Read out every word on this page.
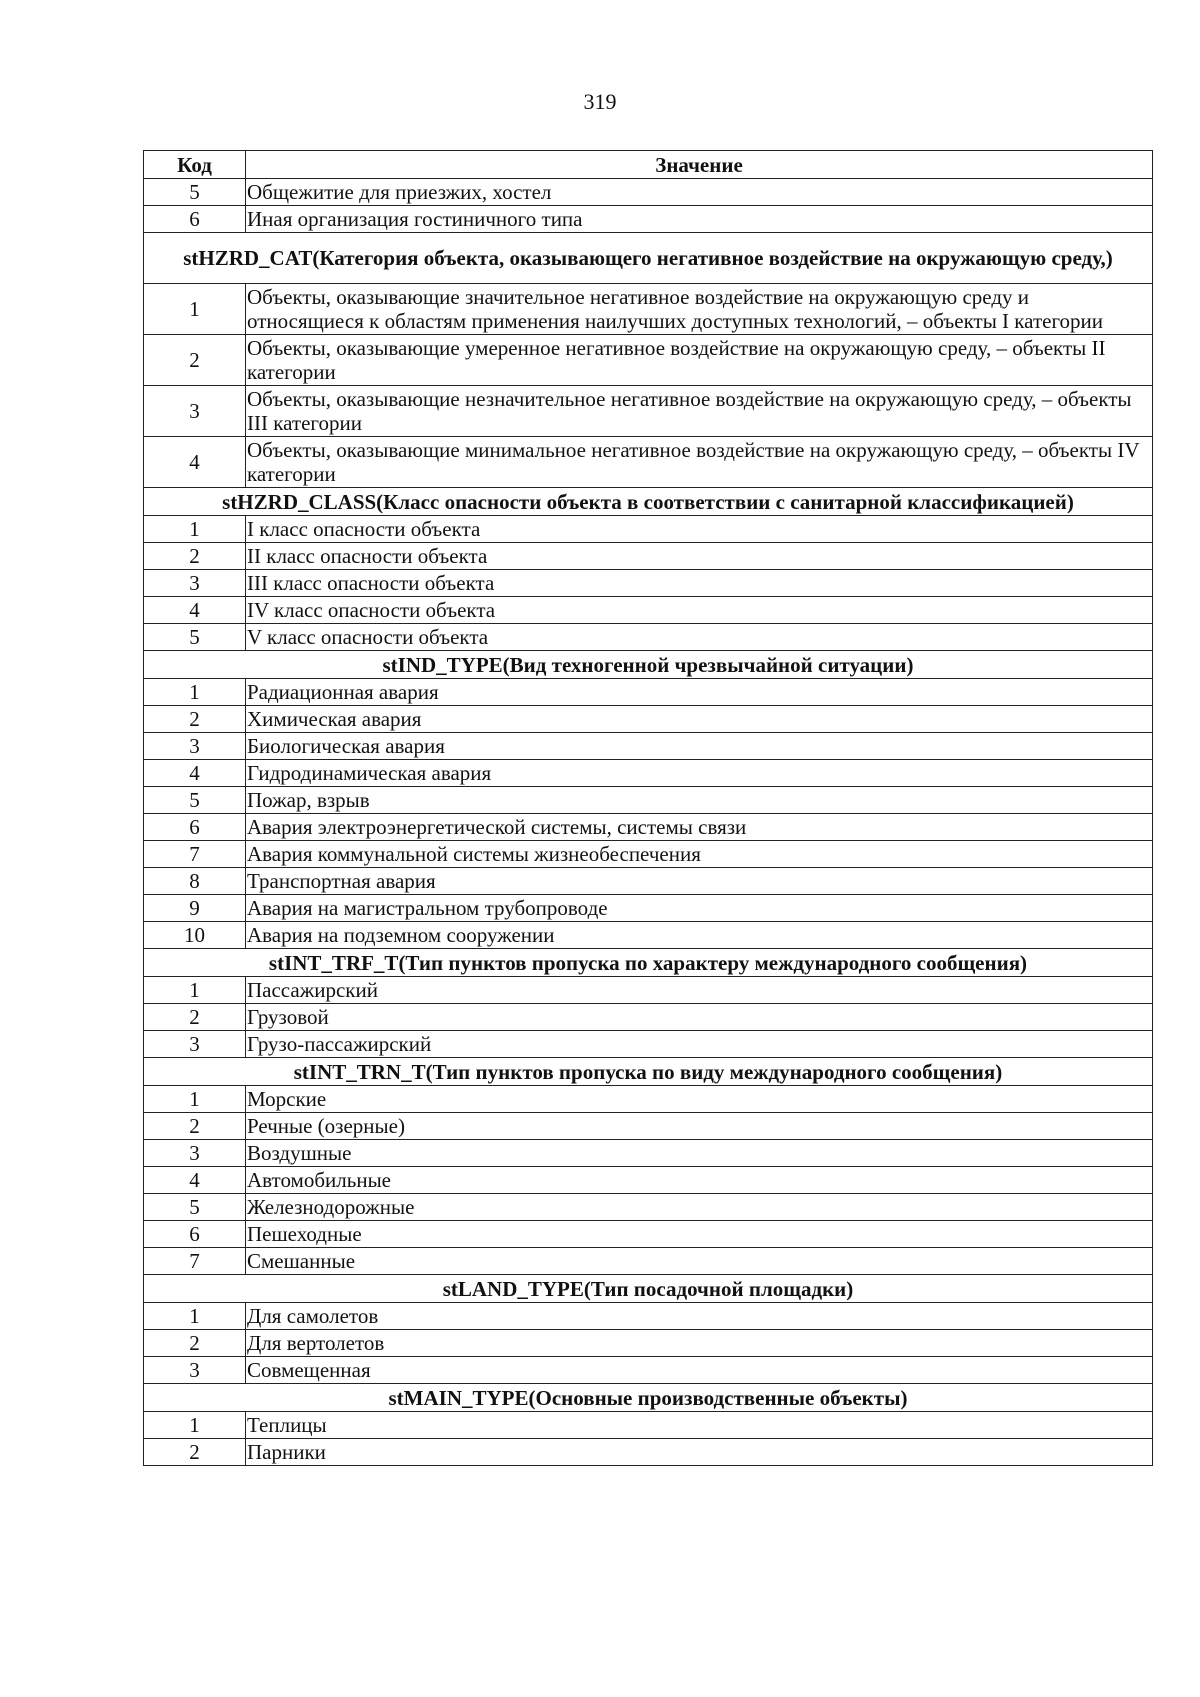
319
Код	Значение
5	Общежитие для приезжих, хостел
6	Иная организация гостиничного типа
stHZRD_CAT(Категория объекта, оказывающего негативное воздействие на окружающую среду,)	
1	Объекты, оказывающие значительное негативное воздействие на окружающую среду и относящиеся к областям применения наилучших доступных технологий, – объекты I категории
2	Объекты, оказывающие умеренное негативное воздействие на окружающую среду, – объекты II категории
3	Объекты, оказывающие незначительное негативное воздействие на окружающую среду, – объекты III категории
4	Объекты, оказывающие минимальное негативное воздействие на окружающую среду, – объекты IV категории
stHZRD_CLASS(Класс опасности объекта в соответствии с санитарной классификацией)	
1	I класс опасности объекта
2	II класс опасности объекта
3	III класс опасности объекта
4	IV класс опасности объекта
5	V класс опасности объекта
stIND_TYPE(Вид техногенной чрезвычайной ситуации)	
1	Радиационная авария
2	Химическая авария
3	Биологическая авария
4	Гидродинамическая авария
5	Пожар, взрыв
6	Авария электроэнергетической системы, системы связи
7	Авария коммунальной системы жизнеобеспечения
8	Транспортная авария
9	Авария на магистральном трубопроводе
10	Авария на подземном сооружении
stINT_TRF_T(Тип пунктов пропуска по характеру международного сообщения)	
1	Пассажирский
2	Грузовой
3	Грузо-пассажирский
stINT_TRN_T(Тип пунктов пропуска по виду международного сообщения)	
1	Морские
2	Речные (озерные)
3	Воздушные
4	Автомобильные
5	Железнодорожные
6	Пешеходные
7	Смешанные
stLAND_TYPE(Тип посадочной площадки)	
1	Для самолетов
2	Для вертолетов
3	Совмещенная
stMAIN_TYPE(Основные производственные объекты)	
1	Теплицы
2	Парники
